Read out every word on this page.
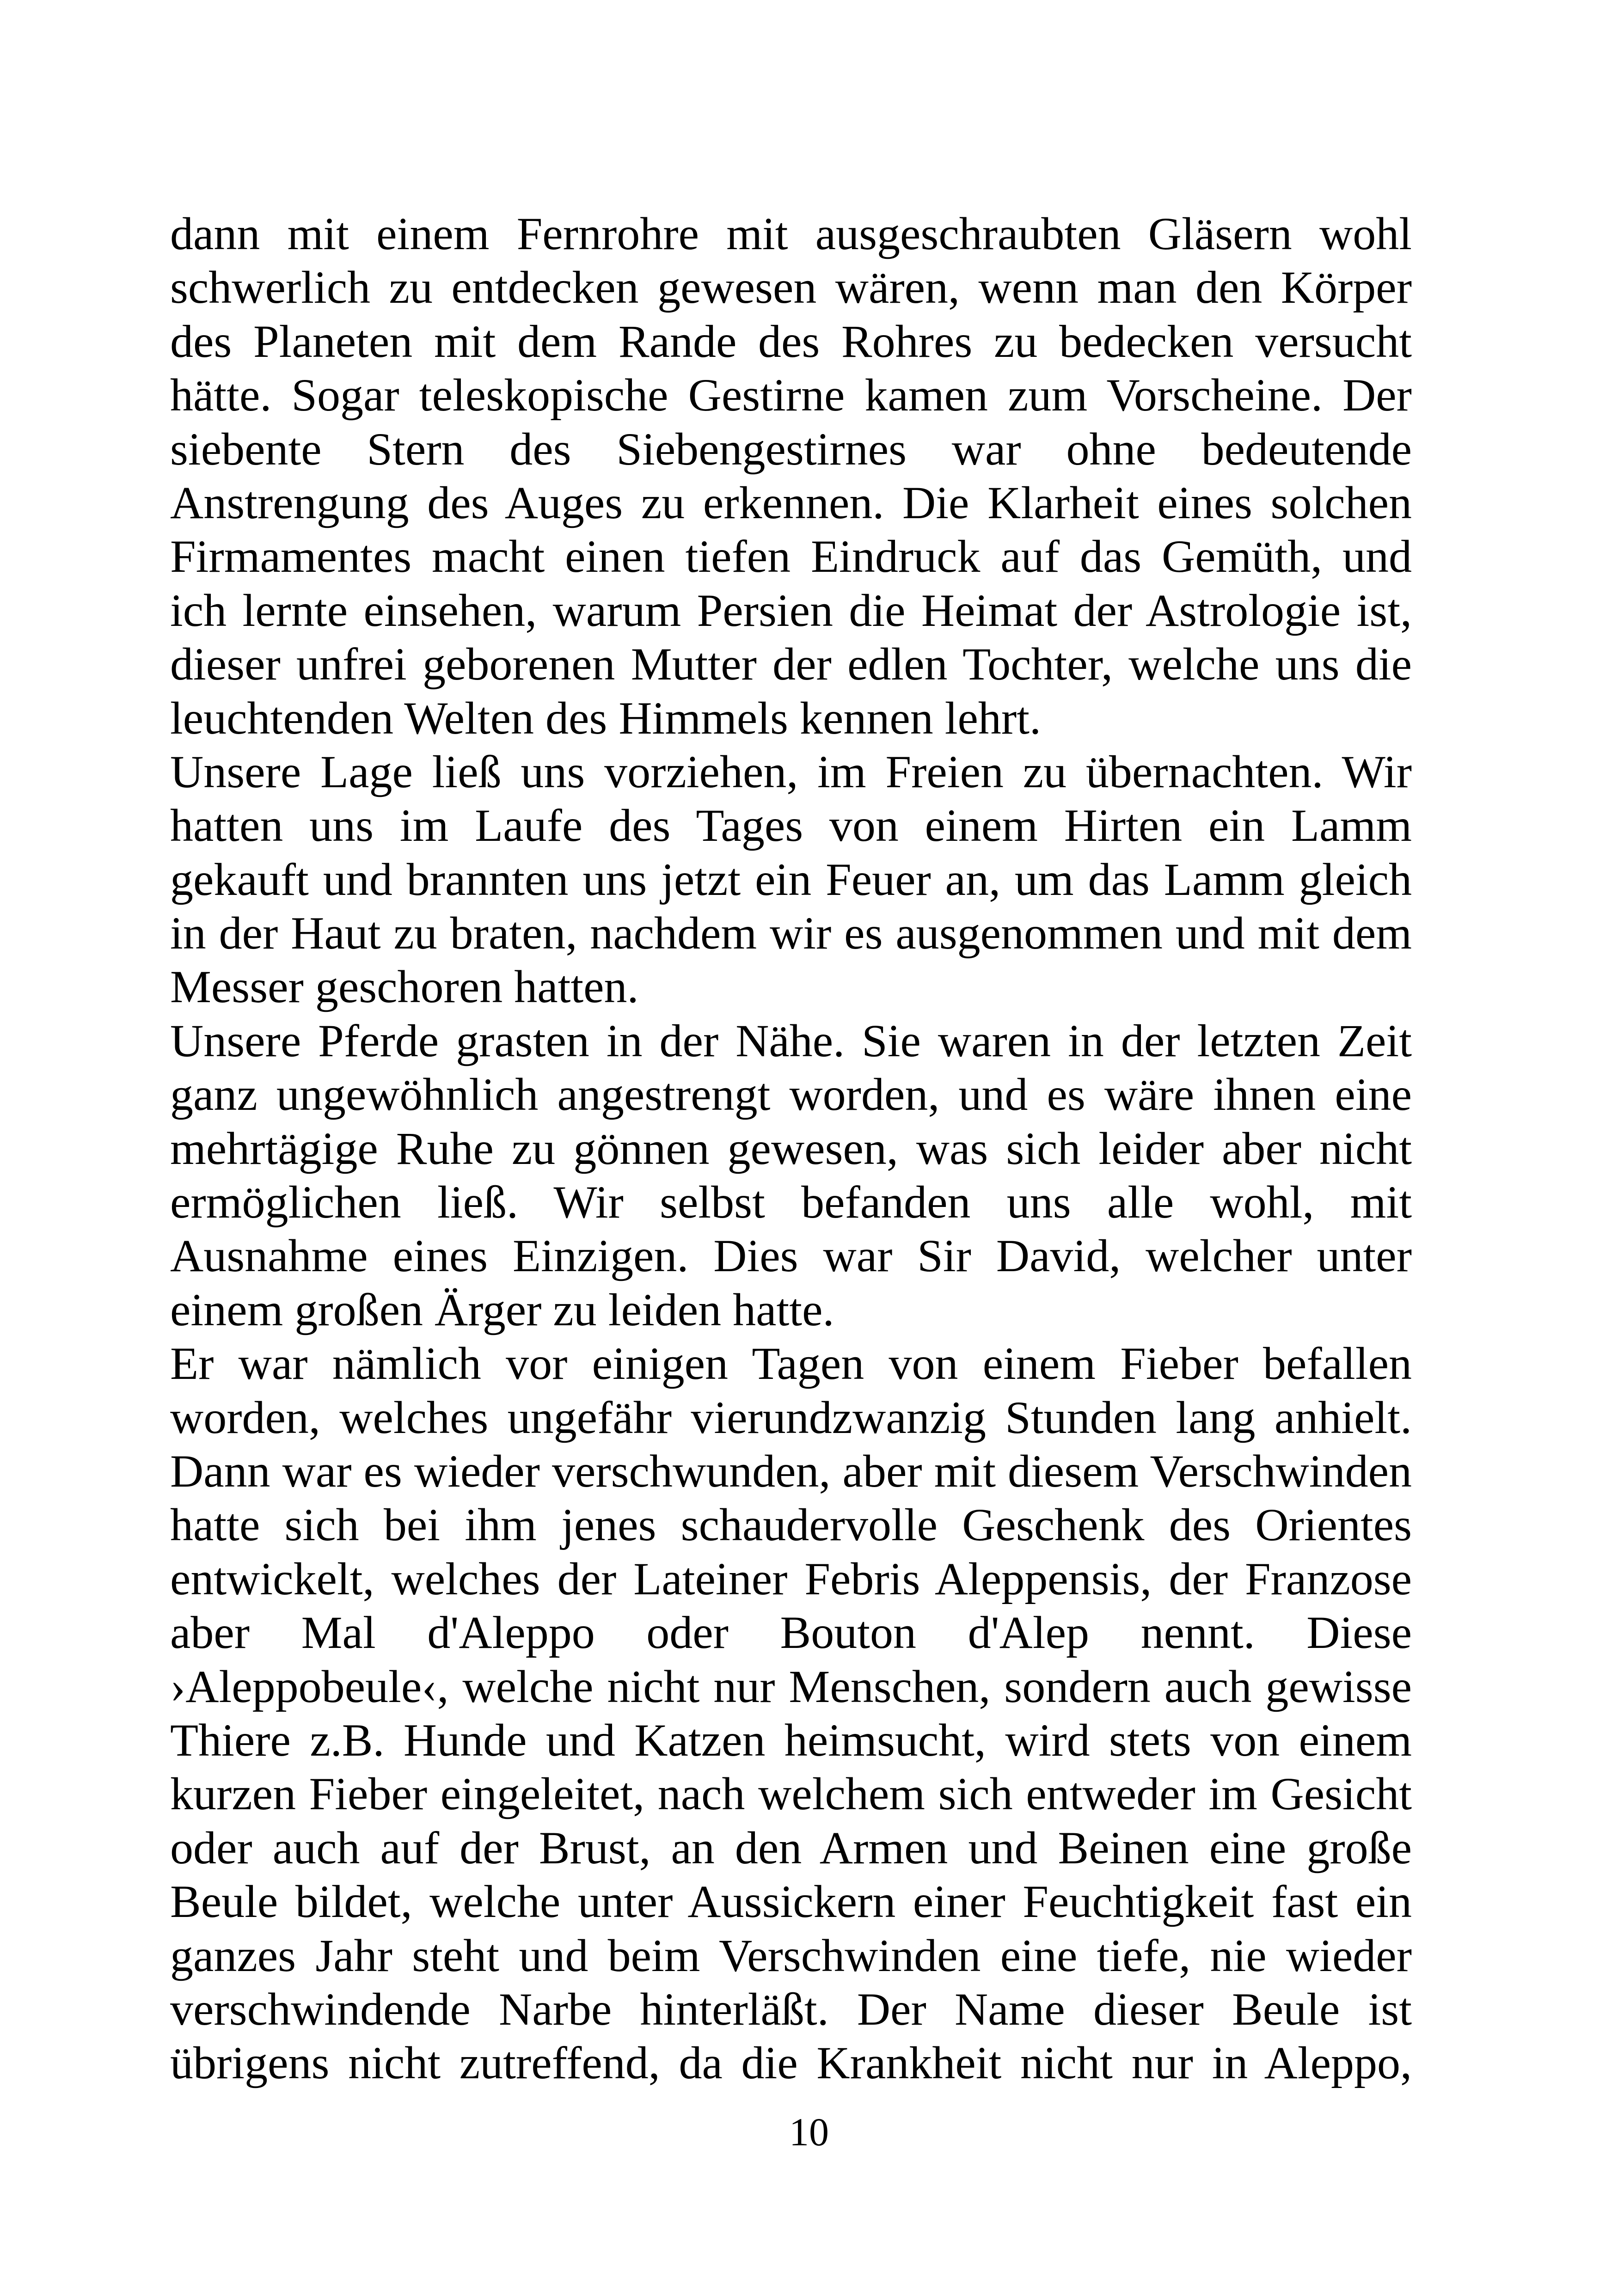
dann mit einem Fernrohre mit ausgeschraubten Gläsern wohl
schwerlich zu entdecken gewesen wären, wenn man den Körper
des Planeten mit dem Rande des Rohres zu bedecken versucht
hätte. Sogar teleskopische Gestirne kamen zum Vorscheine. Der
siebente Stern des Siebengestirnes war ohne bedeutende
Anstrengung des Auges zu erkennen. Die Klarheit eines solchen
Firmamentes macht einen tiefen Eindruck auf das Gemüth, und
ich lernte einsehen, warum Persien die Heimat der Astrologie ist,
dieser unfrei geborenen Mutter der edlen Tochter, welche uns die
leuchtenden Welten des Himmels kennen lehrt.
Unsere Lage ließ uns vorziehen, im Freien zu übernachten. Wir
hatten uns im Laufe des Tages von einem Hirten ein Lamm
gekauft und brannten uns jetzt ein Feuer an, um das Lamm gleich
in der Haut zu braten, nachdem wir es ausgenommen und mit dem
Messer geschoren hatten.
Unsere Pferde grasten in der Nähe. Sie waren in der letzten Zeit
ganz ungewöhnlich angestrengt worden, und es wäre ihnen eine
mehrtägige Ruhe zu gönnen gewesen, was sich leider aber nicht
ermöglichen ließ. Wir selbst befanden uns alle wohl, mit
Ausnahme eines Einzigen. Dies war Sir David, welcher unter
einem großen Ärger zu leiden hatte.
Er war nämlich vor einigen Tagen von einem Fieber befallen
worden, welches ungefähr vierundzwanzig Stunden lang anhielt.
Dann war es wieder verschwunden, aber mit diesem Verschwinden
hatte sich bei ihm jenes schaudervolle Geschenk des Orientes
entwickelt, welches der Lateiner Febris Aleppensis, der Franzose
aber Mal d'Aleppo oder Bouton d'Alep nennt. Diese
›Aleppobeule‹, welche nicht nur Menschen, sondern auch gewisse
Thiere z.B. Hunde und Katzen heimsucht, wird stets von einem
kurzen Fieber eingeleitet, nach welchem sich entweder im Gesicht
oder auch auf der Brust, an den Armen und Beinen eine große
Beule bildet, welche unter Aussickern einer Feuchtigkeit fast ein
ganzes Jahr steht und beim Verschwinden eine tiefe, nie wieder
verschwindende Narbe hinterläßt. Der Name dieser Beule ist
übrigens nicht zutreffend, da die Krankheit nicht nur in Aleppo,
10
